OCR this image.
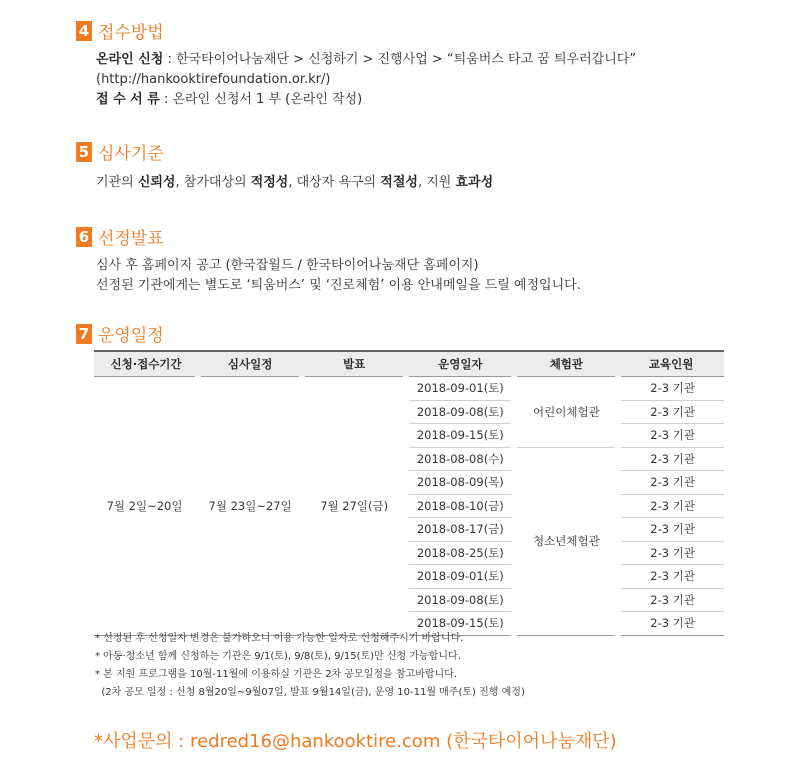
4 접수방법
온라인 신청 : 한국타이어나눔재단 > 신청하기 > 진행사업 > “틔움버스 타고 꿈 틔우러갑니다”
(http://hankooktirefoundation.or.kr/)
접 수 서 류 : 온라인 신청서 1 부 (온라인 작성)
5 심사기준
기관의 신뢰성, 참가대상의 적정성, 대상자 욕구의 적절성, 지원 효과성
6 선정발표
심사 후 홈페이지 공고 (한국잡월드 / 한국타이어나눔재단 홈페이지)
선정된 기관에게는 별도로 ‘틔움버스’ 및 ‘진로체험’ 이용 안내메일을 드릴 예정입니다.
7 운영일정
신청·접수기간	심사일정	발표	운영일자	체험관	교육인원
7월 2일~20일	7월 23일~27일	7월 27일(금)	2018-09-01(토)	어린이체험관	2-3 기관
			2018-09-08(토)		2-3 기관
			2018-09-15(토)		2-3 기관
			2018-08-08(수)	청소년체험관	2-3 기관
			2018-08-09(목)		2-3 기관
			2018-08-10(금)		2-3 기관
			2018-08-17(금)		2-3 기관
			2018-08-25(토)		2-3 기관
			2018-09-01(토)		2-3 기관
			2018-09-08(토)		2-3 기관
			2018-09-15(토)		2-3 기관
* 선정된 후 신청일자 변경은 불가하오니 이용 가능한 일자로 신청해주시기 바랍니다.
* 아동·청소년 함께 신청하는 기관은 9/1(토), 9/8(토), 9/15(토)만 신청 가능합니다.
* 본 지원 프로그램을 10월-11월에 이용하실 기관은 2차 공모일정을 참고바랍니다.
(2차 공모 일정 : 신청 8월20일~9월07일, 발표 9월14일(금), 운영 10-11월 매주(토) 진행 예정)
*사업문의 : redred16@hankooktire.com (한국타이어나눔재단)
